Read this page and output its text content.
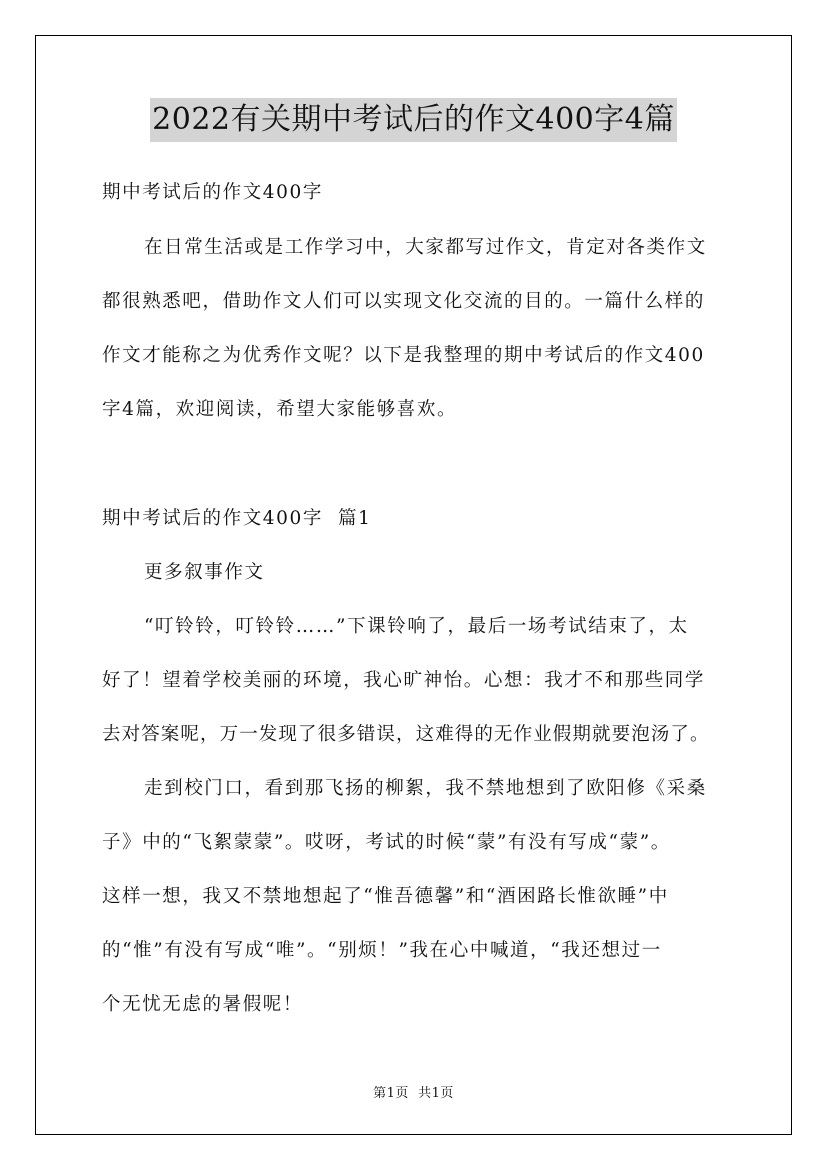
2022有关期中考试后的作文400字4篇
期中考试后的作文400字
在日常生活或是工作学习中，大家都写过作文，肯定对各类作文
都很熟悉吧，借助作文人们可以实现文化交流的目的。一篇什么样的
作文才能称之为优秀作文呢？以下是我整理的期中考试后的作文400
字4篇，欢迎阅读，希望大家能够喜欢。
期中考试后的作文400字  篇1
更多叙事作文
“叮铃铃，叮铃铃……”下课铃响了，最后一场考试结束了，太
好了！望着学校美丽的环境，我心旷神怡。心想：我才不和那些同学
去对答案呢，万一发现了很多错误，这难得的无作业假期就要泡汤了。
走到校门口，看到那飞扬的柳絮，我不禁地想到了欧阳修《采桑
子》中的“飞絮蒙蒙”。哎呀，考试的时候“蒙”有没有写成“蒙”。
这样一想，我又不禁地想起了“惟吾德馨”和“酒困路长惟欲睡”中
的“惟”有没有写成“唯”。“别烦！”我在心中喊道，“我还想过一
个无忧无虑的暑假呢！
第1页  共1页
